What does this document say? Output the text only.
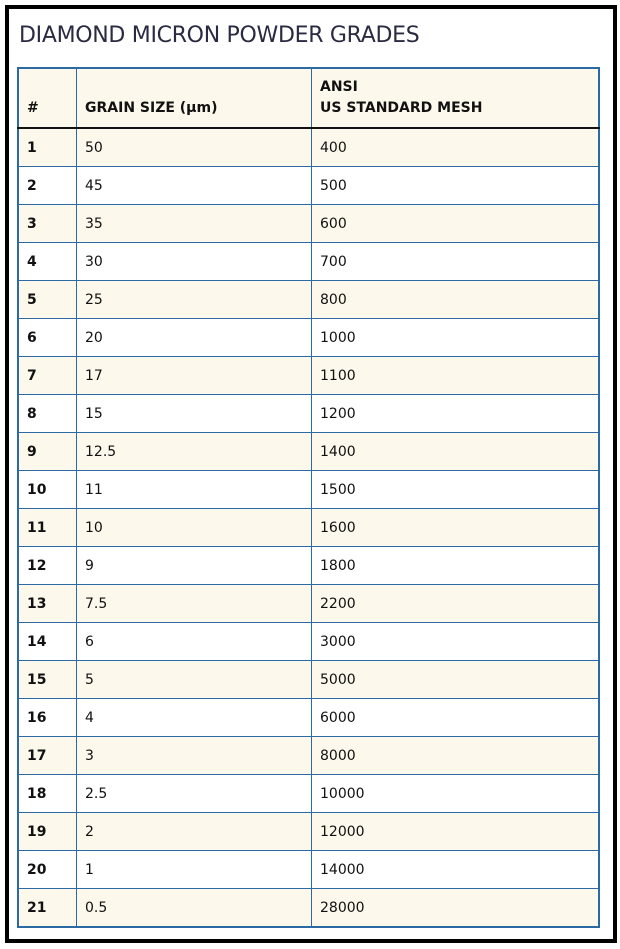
DIAMOND MICRON POWDER GRADES
#	GRAIN SIZE (µm)	ANSI
US STANDARD MESH

1	50	400
2	45	500
3	35	600
4	30	700
5	25	800
6	20	1000
7	17	1100
8	15	1200
9	12.5	1400
10	11	1500
11	10	1600
12	9	1800
13	7.5	2200
14	6	3000
15	5	5000
16	4	6000
17	3	8000
18	2.5	10000
19	2	12000
20	1	14000
21	0.5	28000
